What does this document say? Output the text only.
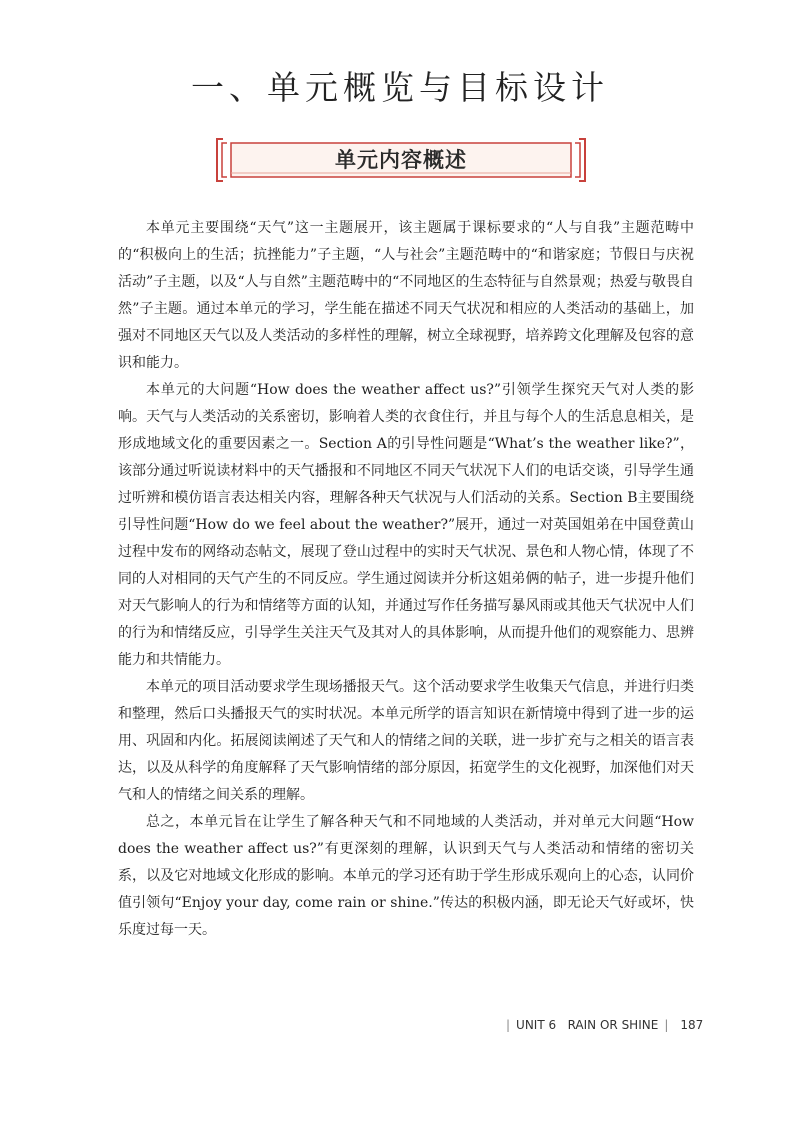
一、单元概览与目标设计
单元内容概述

本单元主要围绕“天气”这一主题展开，该主题属于课标要求的“人与自我”主题范畴中的“积极向上的生活；抗挫能力”子主题，“人与社会”主题范畴中的“和谐家庭；节假日与庆祝活动”子主题，以及“人与自然”主题范畴中的“不同地区的生态特征与自然景观；热爱与敬畏自然”子主题。通过本单元的学习，学生能在描述不同天气状况和相应的人类活动的基础上，加强对不同地区天气以及人类活动的多样性的理解，树立全球视野，培养跨文化理解及包容的意识和能力。

本单元的大问题“How does the weather affect us?”引领学生探究天气对人类的影响。天气与人类活动的关系密切，影响着人类的衣食住行，并且与每个人的生活息息相关，是形成地域文化的重要因素之一。Section A的引导性问题是“What’s the weather like?”，该部分通过听说读材料中的天气播报和不同地区不同天气状况下人们的电话交谈，引导学生通过听辨和模仿语言表达相关内容，理解各种天气状况与人们活动的关系。Section B主要围绕引导性问题“How do we feel about the weather?”展开，通过一对英国姐弟在中国登黄山过程中发布的网络动态帖文，展现了登山过程中的实时天气状况、景色和人物心情，体现了不同的人对相同的天气产生的不同反应。学生通过阅读并分析这姐弟俩的帖子，进一步提升他们对天气影响人的行为和情绪等方面的认知，并通过写作任务描写暴风雨或其他天气状况中人们的行为和情绪反应，引导学生关注天气及其对人的具体影响，从而提升他们的观察能力、思辨能力和共情能力。

本单元的项目活动要求学生现场播报天气。这个活动要求学生收集天气信息，并进行归类和整理，然后口头播报天气的实时状况。本单元所学的语言知识在新情境中得到了进一步的运用、巩固和内化。拓展阅读阐述了天气和人的情绪之间的关联，进一步扩充与之相关的语言表达，以及从科学的角度解释了天气影响情绪的部分原因，拓宽学生的文化视野，加深他们对天气和人的情绪之间关系的理解。

总之，本单元旨在让学生了解各种天气和不同地域的人类活动，并对单元大问题“How does the weather affect us?”有更深刻的理解，认识到天气与人类活动和情绪的密切关系，以及它对地域文化形成的影响。本单元的学习还有助于学生形成乐观向上的心态，认同价值引领句“Enjoy your day, come rain or shine.”传达的积极内涵，即无论天气好或坏，快乐度过每一天。

| UNIT 6 RAIN OR SHINE | 187
